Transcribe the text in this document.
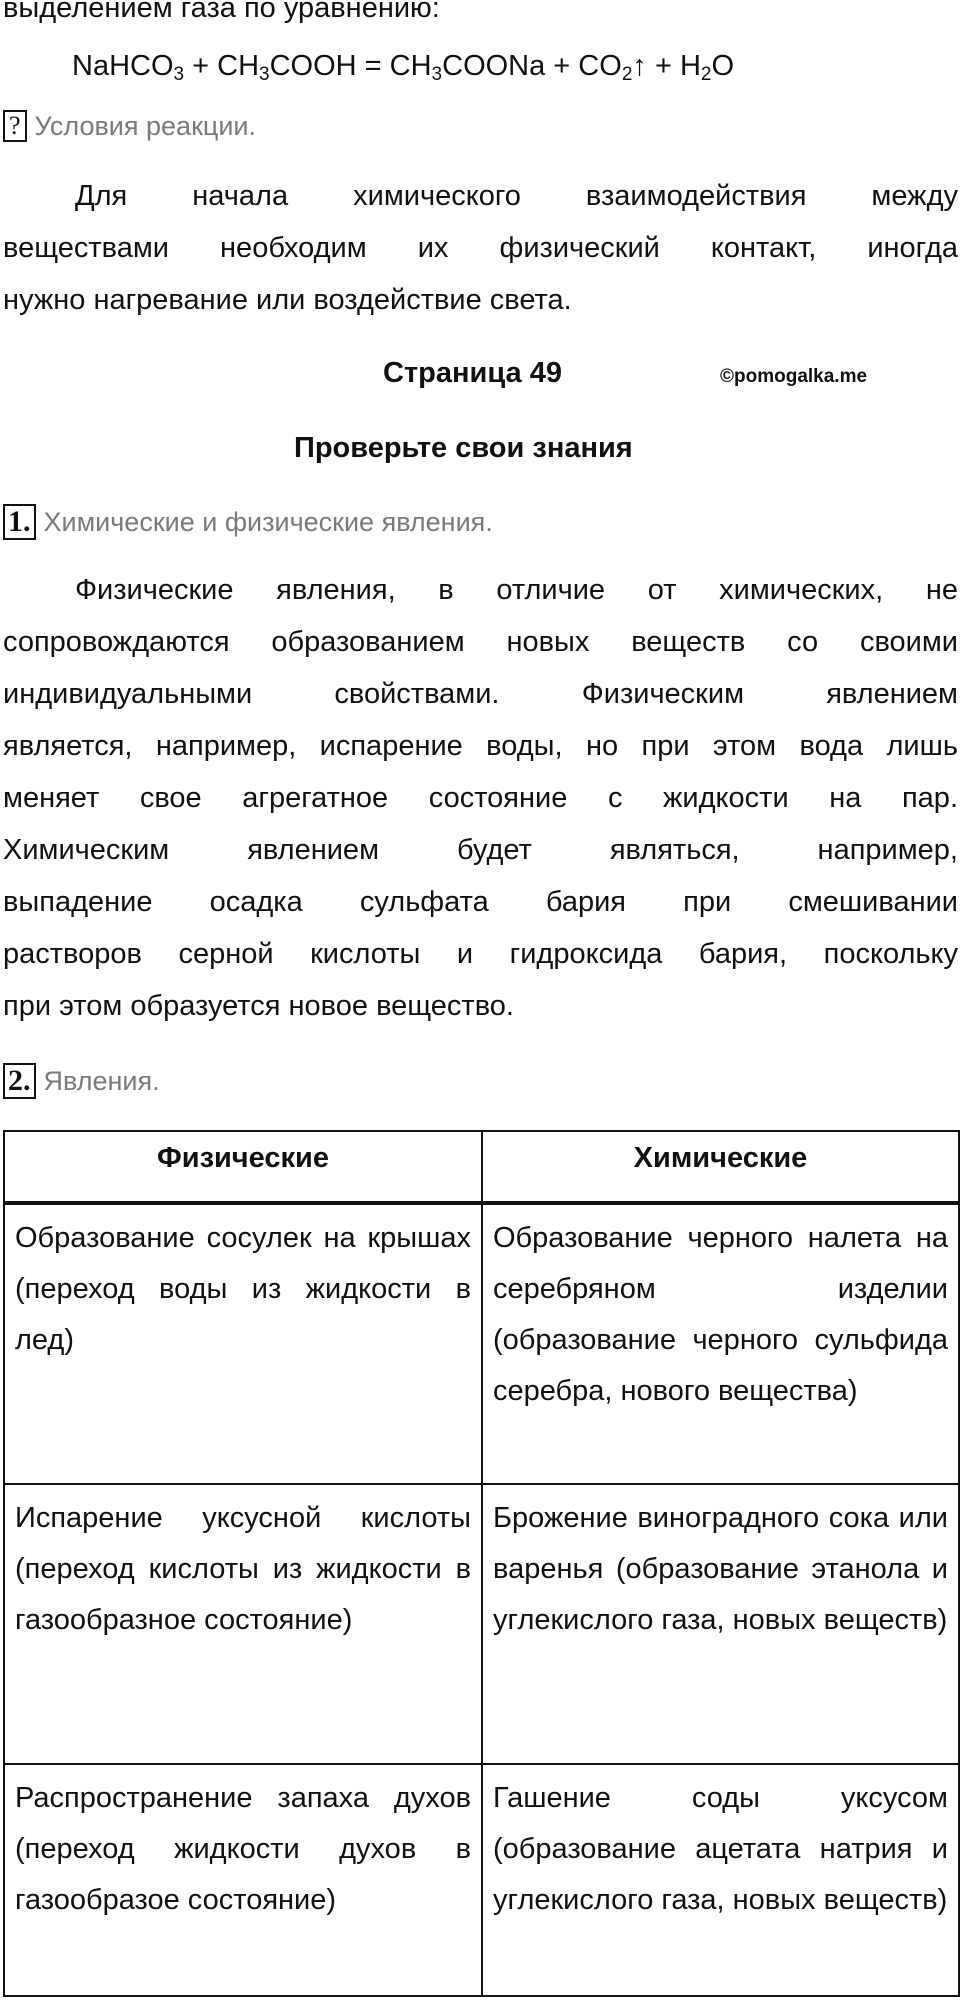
выделением газа по уравнению:
NaHCO$_3$ + $CH_3COOH$ = $CH_3COONa$ + $CO_2↑ + H_2O$
? Условия реакции.
Для начала химического взаимодействия между
веществами необходим их физический контакт, иногда
нужно нагревание или воздействие света.
Страница 49	©pomogalka.me
Проверьте свои знания
1. Химические и физические явления.
Физические явления, в отличие от химических, не
сопровождаются образованием новых веществ со своими
индивидуальными свойствами. Физическим явлением
является, например, испарение воды, но при этом вода лишь
меняет свое агрегатное состояние с жидкости на пар.
Химическим явлением будет являться, например,
выпадение осадка сульфата бария при смешивании
растворов серной кислоты и гидроксида бария, поскольку
при этом образуется новое вещество.
2. Явления.
Физические	Химические

Образование сосулек на крышах (переход воды из жидкости в лед)	Образование черного налета на серебряном изделии (образование черного сульфида серебра, нового вещества)

Испарение уксусной кислоты (переход кислоты из жидкости в газообразное состояние)	Брожение виноградного сока или варенья (образование этанола и углекислого газа, новых веществ)

Распространение запаха духов (переход жидкости духов в газообразое состояние)	Гашение соды уксусом (образование ацетата натрия и углекислого газа, новых веществ)
